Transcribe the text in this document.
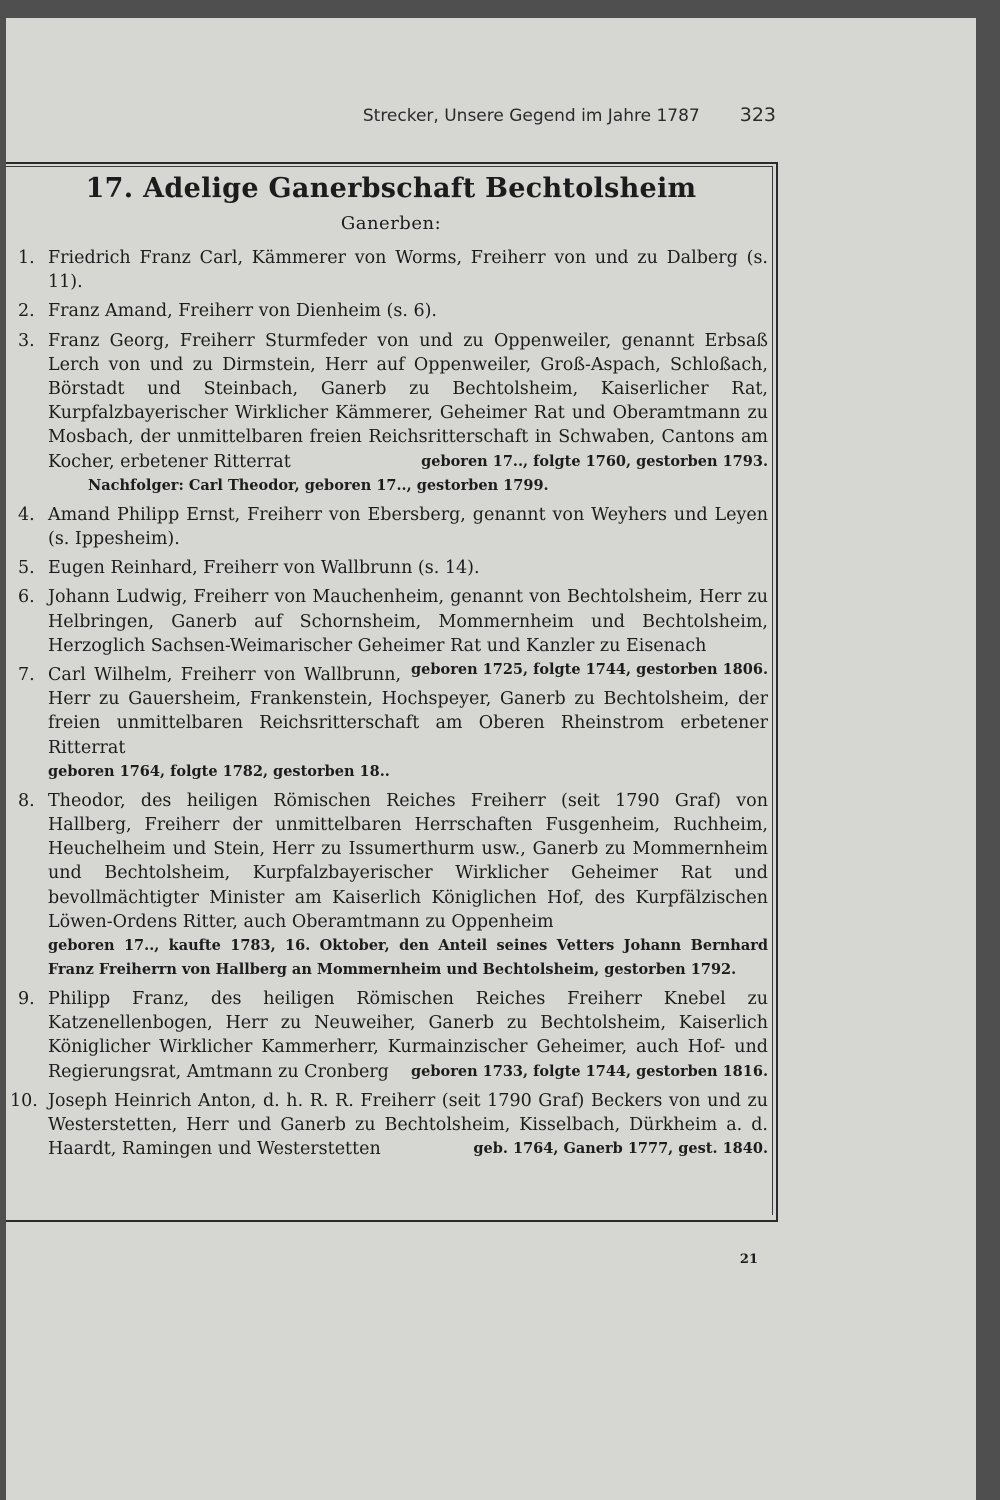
Strecker, Unsere Gegend im Jahre 1787 323
17. Adelige Ganerbschaft Bechtolsheim
Ganerben:
1. Friedrich Franz Carl, Kämmerer von Worms, Freiherr von und zu Dalberg (s. 11).
2. Franz Amand, Freiherr von Dienheim (s. 6).
3. Franz Georg, Freiherr Sturmfeder von und zu Oppenweiler, genannt Erbsaß Lerch von und zu Dirmstein, Herr auf Oppenweiler, Groß-Aspach, Schloßach, Börstadt und Steinbach, Ganerb zu Bechtolsheim, Kaiserlicher Rat, Kurpfalzbayerischer Wirklicher Kämmerer, Geheimer Rat und Oberamtmann zu Mosbach, der unmittelbaren freien Reichsritterschaft in Schwaben, Cantons am Kocher, erbetener Ritterrat	geboren 17.., folgte 1760, gestorben 1793.
Nachfolger: Carl Theodor, geboren 17.., gestorben 1799.
4. Amand Philipp Ernst, Freiherr von Ebersberg, genannt von Weyhers und Leyen (s. Ippesheim).
5. Eugen Reinhard, Freiherr von Wallbrunn (s. 14).
6. Johann Ludwig, Freiherr von Mauchenheim, genannt von Bechtolsheim, Herr zu Helbringen, Ganerb auf Schornsheim, Mommernheim und Bechtolsheim, Herzoglich Sachsen-Weimarischer Geheimer Rat und Kanzler zu Eisenach
geboren 1725, folgte 1744, gestorben 1806.
7. Carl Wilhelm, Freiherr von Wallbrunn, Herr zu Gauersheim, Frankenstein, Hochspeyer, Ganerb zu Bechtolsheim, der freien unmittelbaren Reichsritterschaft am Oberen Rheinstrom erbetener Ritterrat
geboren 1764, folgte 1782, gestorben 18..
8. Theodor, des heiligen Römischen Reiches Freiherr (seit 1790 Graf) von Hallberg, Freiherr der unmittelbaren Herrschaften Fusgenheim, Ruchheim, Heuchelheim und Stein, Herr zu Issumerthurm usw., Ganerb zu Mommernheim und Bechtolsheim, Kurpfalzbayerischer Wirklicher Geheimer Rat und bevollmächtigter Minister am Kaiserlich Königlichen Hof, des Kurpfälzischen Löwen-Ordens Ritter, auch Oberamtmann zu Oppenheim
geboren 17.., kaufte 1783, 16. Oktober, den Anteil seines Vetters Johann Bernhard Franz Freiherrn von Hallberg an Mommernheim und Bechtolsheim, gestorben 1792.
9. Philipp Franz, des heiligen Römischen Reiches Freiherr Knebel zu Katzenellenbogen, Herr zu Neuweiher, Ganerb zu Bechtolsheim, Kaiserlich Königlicher Wirklicher Kammerherr, Kurmainzischer Geheimer, auch Hof- und Regierungsrat, Amtmann zu Cronberg geboren 1733, folgte 1744, gestorben 1816.
10. Joseph Heinrich Anton, d. h. R. R. Freiherr (seit 1790 Graf) Beckers von und zu Westerstetten, Herr und Ganerb zu Bechtolsheim, Kisselbach, Dürkheim a. d. Haardt, Ramingen und Westerstetten	geb. 1764, Ganerb 1777, gest. 1840.
21
